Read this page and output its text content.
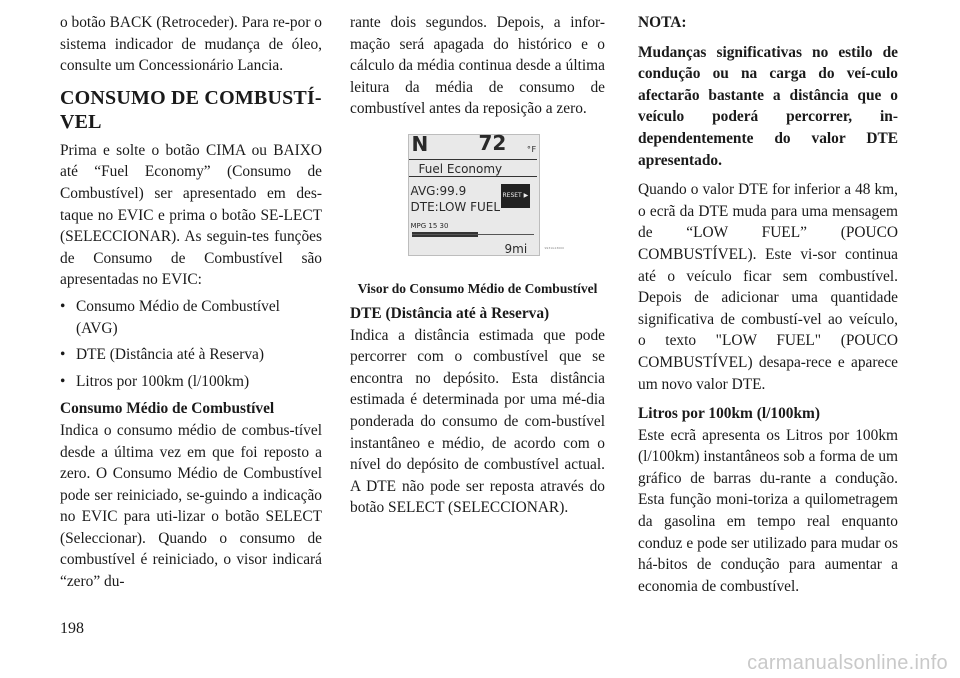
o botão BACK (Retroceder). Para re-por o sistema indicador de mudança de óleo, consulte um Concessionário Lancia.

CONSUMO DE COMBUSTÍ-VEL

Prima e solte o botão CIMA ou BAIXO até “Fuel Economy” (Consumo de Combustível) ser apresentado em des-taque no EVIC e prima o botão SE-LECT (SELECCIONAR). As seguin-tes funções de Consumo de Combustível são apresentadas no EVIC:

• Consumo Médio de Combustível (AVG)

• DTE (Distância até à Reserva)

• Litros por 100km (l/100km)

Consumo Médio de Combustível

Indica o consumo médio de combus-tível desde a última vez em que foi reposto a zero. O Consumo Médio de Combustível pode ser reiniciado, se-guindo a indicação no EVIC para uti-lizar o botão SELECT (Seleccionar). Quando o consumo de combustível é reiniciado, o visor indicará “zero” du-

rante dois segundos. Depois, a infor-mação será apagada do histórico e o cálculo da média continua desde a última leitura da média de consumo de combustível antes da reposição a zero.

N	72	°F
Fuel Economy
AVG:99.9	RESET ▶
DTE:LOW FUEL
MPG 15 30
9mi	9931G13000

Visor do Consumo Médio de Combustível

DTE (Distância até à Reserva)

Indica a distância estimada que pode percorrer com o combustível que se encontra no depósito. Esta distância estimada é determinada por uma mé-dia ponderada do consumo de com-bustível instantâneo e médio, de acordo com o nível do depósito de combustível actual. A DTE não pode ser reposta através do botão SELECT (SELECCIONAR).

NOTA:

Mudanças significativas no estilo de condução ou na carga do veí-culo afectarão bastante a distância que o veículo poderá percorrer, in-dependentemente do valor DTE apresentado.

Quando o valor DTE for inferior a 48 km, o ecrã da DTE muda para uma mensagem de “LOW FUEL” (POUCO COMBUSTÍVEL). Este vi-sor continua até o veículo ficar sem combustível. Depois de adicionar uma quantidade significativa de combustí-vel ao veículo, o texto "LOW FUEL" (POUCO COMBUSTÍVEL) desapa-rece e aparece um novo valor DTE.

Litros por 100km (l/100km)

Este ecrã apresenta os Litros por 100km (l/100km) instantâneos sob a forma de um gráfico de barras du-rante a condução. Esta função moni-toriza a quilometragem da gasolina em tempo real enquanto conduz e pode ser utilizado para mudar os há-bitos de condução para aumentar a economia de combustível.

198
carmanualsonline.info
